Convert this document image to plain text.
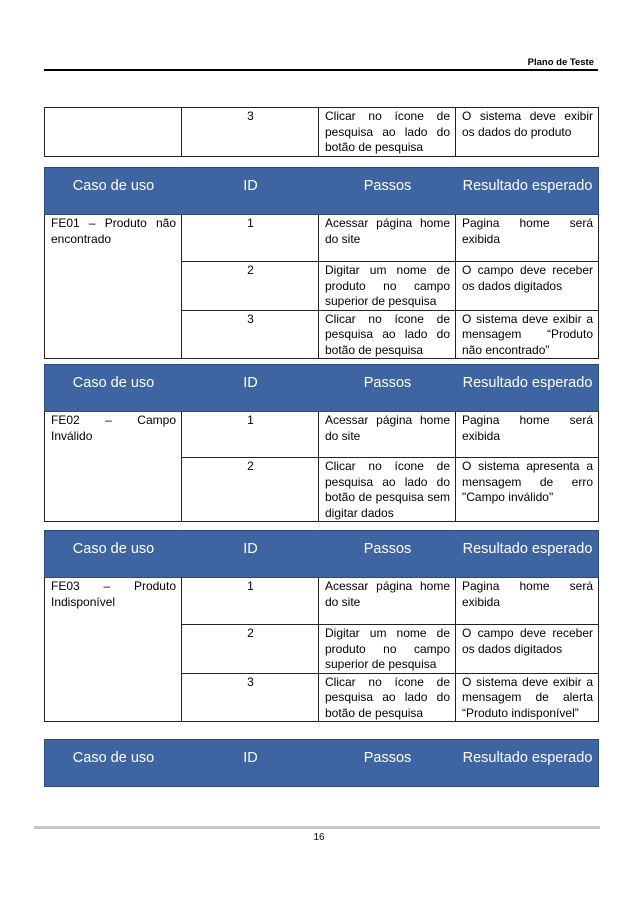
Plano de Teste
	3	Clicar no ícone de pesquisa ao lado do botão de pesquisa	O sistema deve exibir os dados do produto
Caso de uso	ID	Passos	Resultado esperado
FE01 – Produto não encontrado	1	Acessar página home do site	Pagina home será exibida
	2	Digitar um nome de produto no campo superior de pesquisa	O campo deve receber os dados digitados
	3	Clicar no ícone de pesquisa ao lado do botão de pesquisa	O sistema deve exibir a mensagem “Produto não encontrado”
Caso de uso	ID	Passos	Resultado esperado
FE02 – Campo Inválido	1	Acessar página home do site	Pagina home será exibida
	2	Clicar no ícone de pesquisa ao lado do botão de pesquisa sem digitar dados	O sistema apresenta a mensagem de erro "Campo inválido"
Caso de uso	ID	Passos	Resultado esperado
FE03 – Produto Indisponível	1	Acessar página home do site	Pagina home será exibida
	2	Digitar um nome de produto no campo superior de pesquisa	O campo deve receber os dados digitados
	3	Clicar no ícone de pesquisa ao lado do botão de pesquisa	O sistema deve exibir a mensagem de alerta “Produto indisponível”
Caso de uso	ID	Passos	Resultado esperado
16
